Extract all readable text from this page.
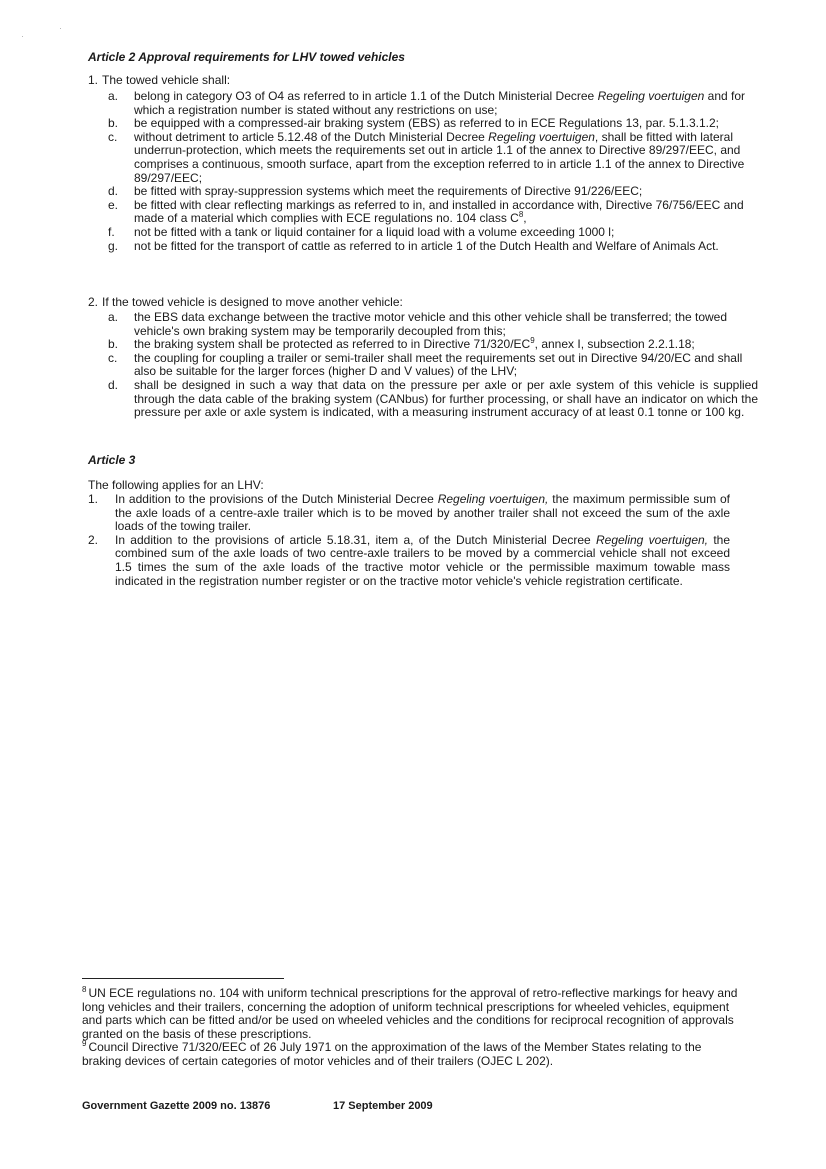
Article 2 Approval requirements for LHV towed vehicles
1. The towed vehicle shall:
a. belong in category O3 of O4 as referred to in article 1.1 of the Dutch Ministerial Decree Regeling voertuigen and for which a registration number is stated without any restrictions on use;
b. be equipped with a compressed-air braking system (EBS) as referred to in ECE Regulations 13, par. 5.1.3.1.2;
c. without detriment to article 5.12.48 of the Dutch Ministerial Decree Regeling voertuigen, shall be fitted with lateral underrun-protection, which meets the requirements set out in article 1.1 of the annex to Directive 89/297/EEC, and comprises a continuous, smooth surface, apart from the exception referred to in article 1.1 of the annex to Directive 89/297/EEC;
d. be fitted with spray-suppression systems which meet the requirements of Directive 91/226/EEC;
e. be fitted with clear reflecting markings as referred to in, and installed in accordance with, Directive 76/756/EEC and made of a material which complies with ECE regulations no. 104 class $C^8$,
f. not be fitted with a tank or liquid container for a liquid load with a volume exceeding 1000 l;
g. not be fitted for the transport of cattle as referred to in article 1 of the Dutch Health and Welfare of Animals Act.
2. If the towed vehicle is designed to move another vehicle:
a. the EBS data exchange between the tractive motor vehicle and this other vehicle shall be transferred; the towed vehicle's own braking system may be temporarily decoupled from this;
b. the braking system shall be protected as referred to in Directive $71/320/EC^9$, annex I, subsection 2.2.1.18;
c. the coupling for coupling a trailer or semi-trailer shall meet the requirements set out in Directive 94/20/EC and shall also be suitable for the larger forces (higher D and V values) of the LHV;
d. shall be designed in such a way that data on the pressure per axle or per axle system of this vehicle is supplied through the data cable of the braking system (CANbus) for further processing, or shall have an indicator on which the pressure per axle or axle system is indicated, with a measuring instrument accuracy of at least 0.1 tonne or 100 kg.
Article 3
The following applies for an LHV:
1. In addition to the provisions of the Dutch Ministerial Decree Regeling voertuigen, the maximum permissible sum of the axle loads of a centre-axle trailer which is to be moved by another trailer shall not exceed the sum of the axle loads of the towing trailer.
2. In addition to the provisions of article 5.18.31, item a, of the Dutch Ministerial Decree Regeling voertuigen, the combined sum of the axle loads of two centre-axle trailers to be moved by a commercial vehicle shall not exceed 1.5 times the sum of the axle loads of the tractive motor vehicle or the permissible maximum towable mass indicated in the registration number register or on the tractive motor vehicle's vehicle registration certificate.
$^8$ UN ECE regulations no. 104 with uniform technical prescriptions for the approval of retro-reflective markings for heavy and long vehicles and their trailers, concerning the adoption of uniform technical prescriptions for wheeled vehicles, equipment and parts which can be fitted and/or be used on wheeled vehicles and the conditions for reciprocal recognition of approvals granted on the basis of these prescriptions.
$^9$ Council Directive 71/320/EEC of 26 July 1971 on the approximation of the laws of the Member States relating to the braking devices of certain categories of motor vehicles and of their trailers (OJEC L 202).
Government Gazette 2009 no. 13876	17 September 2009
